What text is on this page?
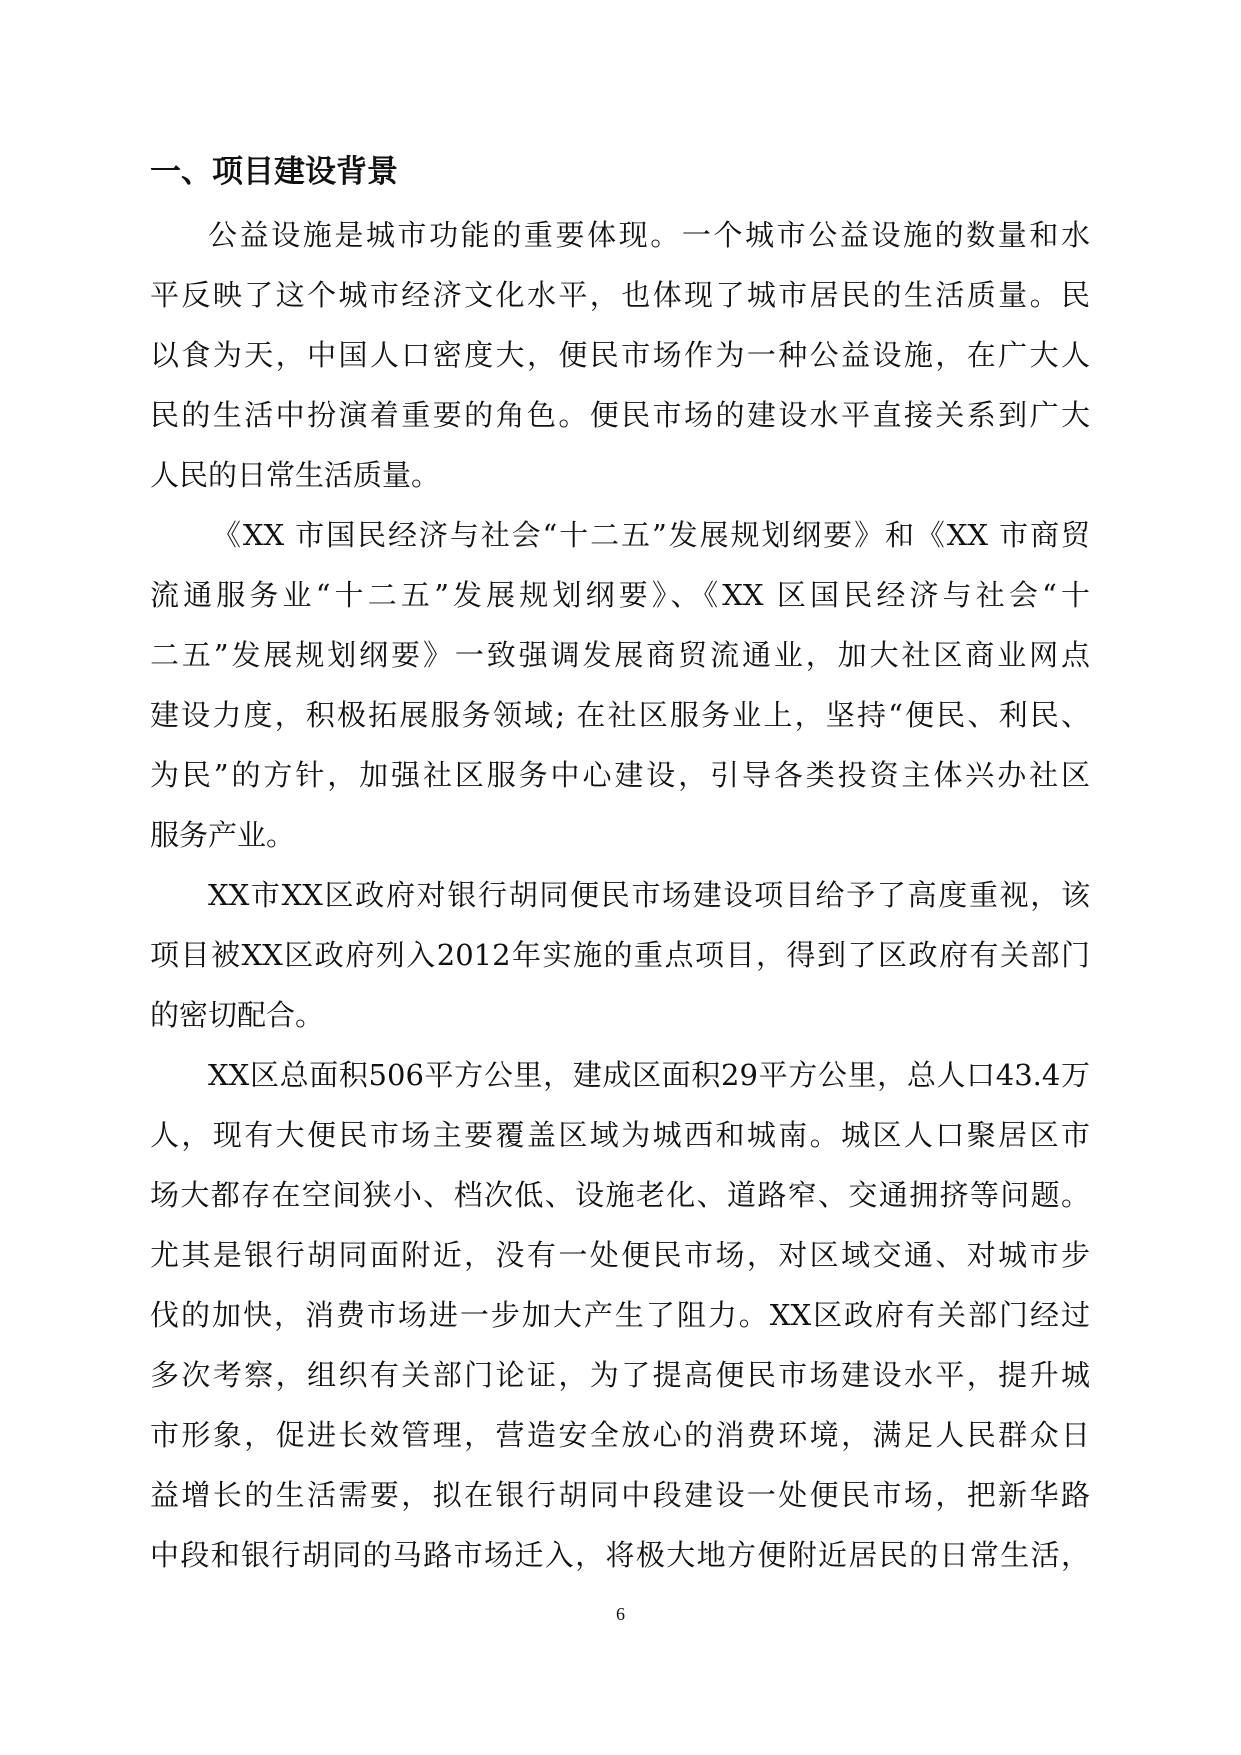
一、项目建设背景
公益设施是城市功能的重要体现。一个城市公益设施的数量和水
平反映了这个城市经济文化水平，也体现了城市居民的生活质量。民
以食为天，中国人口密度大，便民市场作为一种公益设施，在广大人
民的生活中扮演着重要的角色。便民市场的建设水平直接关系到广大
人民的日常生活质量。
《XX 市国民经济与社会“十二五”发展规划纲要》和《XX 市商贸
流通服务业“十二五”发展规划纲要》、《XX 区国民经济与社会“十
二五”发展规划纲要》一致强调发展商贸流通业，加大社区商业网点
建设力度，积极拓展服务领域; 在社区服务业上，坚持“便民、利民、
为民”的方针，加强社区服务中心建设，引导各类投资主体兴办社区
服务产业。
XX市XX区政府对银行胡同便民市场建设项目给予了高度重视，该
项目被XX区政府列入2012年实施的重点项目，得到了区政府有关部门
的密切配合。
XX区总面积506平方公里，建成区面积29平方公里，总人口43.4万
人，现有大便民市场主要覆盖区域为城西和城南。城区人口聚居区市
场大都存在空间狭小、档次低、设施老化、道路窄、交通拥挤等问题。
尤其是银行胡同面附近，没有一处便民市场，对区域交通、对城市步
伐的加快，消费市场进一步加大产生了阻力。XX区政府有关部门经过
多次考察，组织有关部门论证，为了提高便民市场建设水平，提升城
市形象，促进长效管理，营造安全放心的消费环境，满足人民群众日
益增长的生活需要，拟在银行胡同中段建设一处便民市场，把新华路
中段和银行胡同的马路市场迁入，将极大地方便附近居民的日常生活，
6
